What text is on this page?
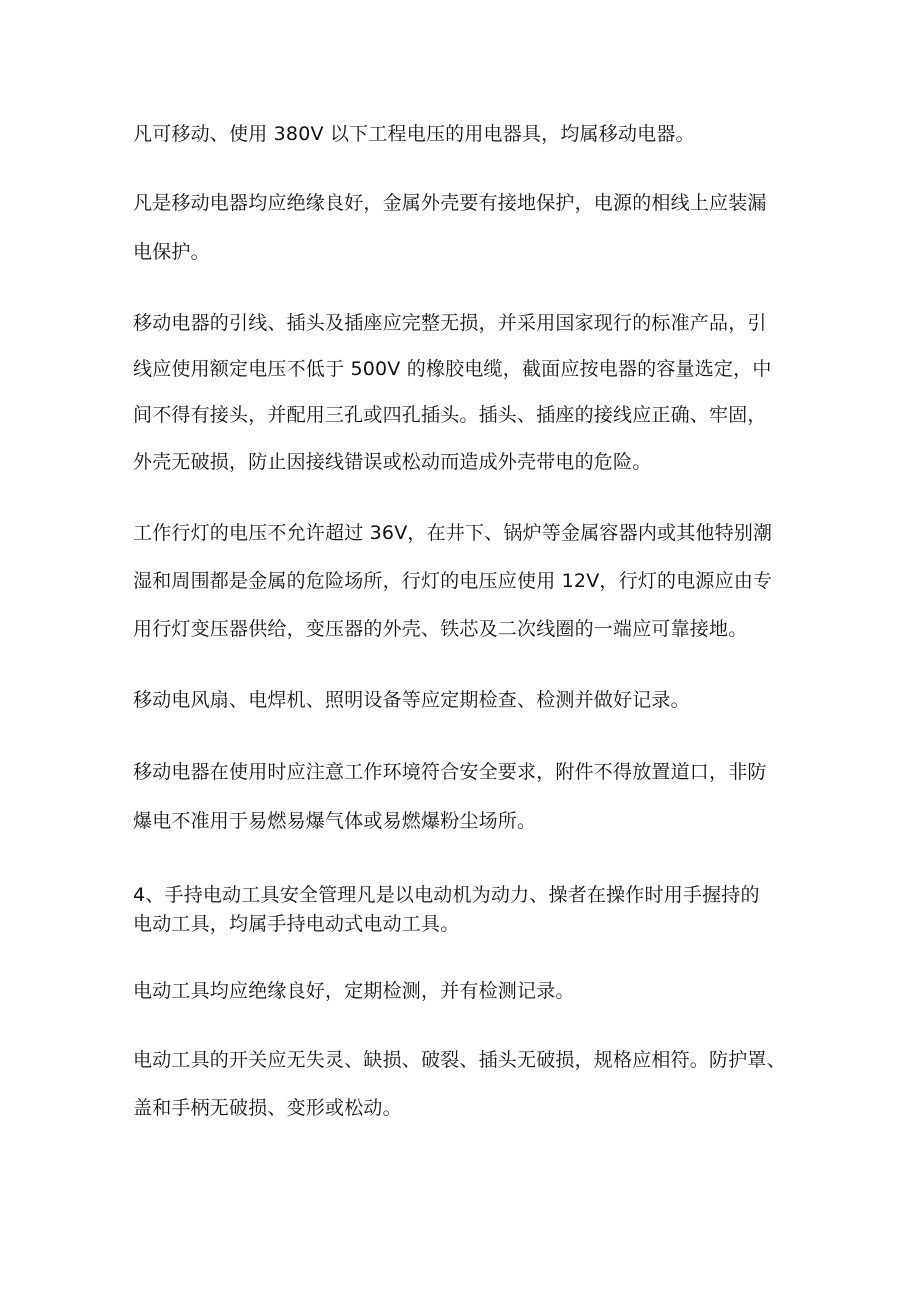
凡可移动、使用 380V 以下工程电压的用电器具，均属移动电器。

凡是移动电器均应绝缘良好，金属外壳要有接地保护，电源的相线上应装漏

电保护。

移动电器的引线、插头及插座应完整无损，并采用国家现行的标准产品，引

线应使用额定电压不低于 500V 的橡胶电缆，截面应按电器的容量选定，中

间不得有接头，并配用三孔或四孔插头。插头、插座的接线应正确、牢固，

外壳无破损，防止因接线错误或松动而造成外壳带电的危险。

工作行灯的电压不允许超过 36V，在井下、锅炉等金属容器内或其他特别潮

湿和周围都是金属的危险场所，行灯的电压应使用 12V，行灯的电源应由专

用行灯变压器供给，变压器的外壳、铁芯及二次线圈的一端应可靠接地。

移动电风扇、电焊机、照明设备等应定期检查、检测并做好记录。

移动电器在使用时应注意工作环境符合安全要求，附件不得放置道口，非防

爆电不准用于易燃易爆气体或易燃爆粉尘场所。

4、手持电动工具安全管理凡是以电动机为动力、操者在操作时用手握持的

电动工具，均属手持电动式电动工具。

电动工具均应绝缘良好，定期检测，并有检测记录。

电动工具的开关应无失灵、缺损、破裂、插头无破损，规格应相符。防护罩、

盖和手柄无破损、变形或松动。
